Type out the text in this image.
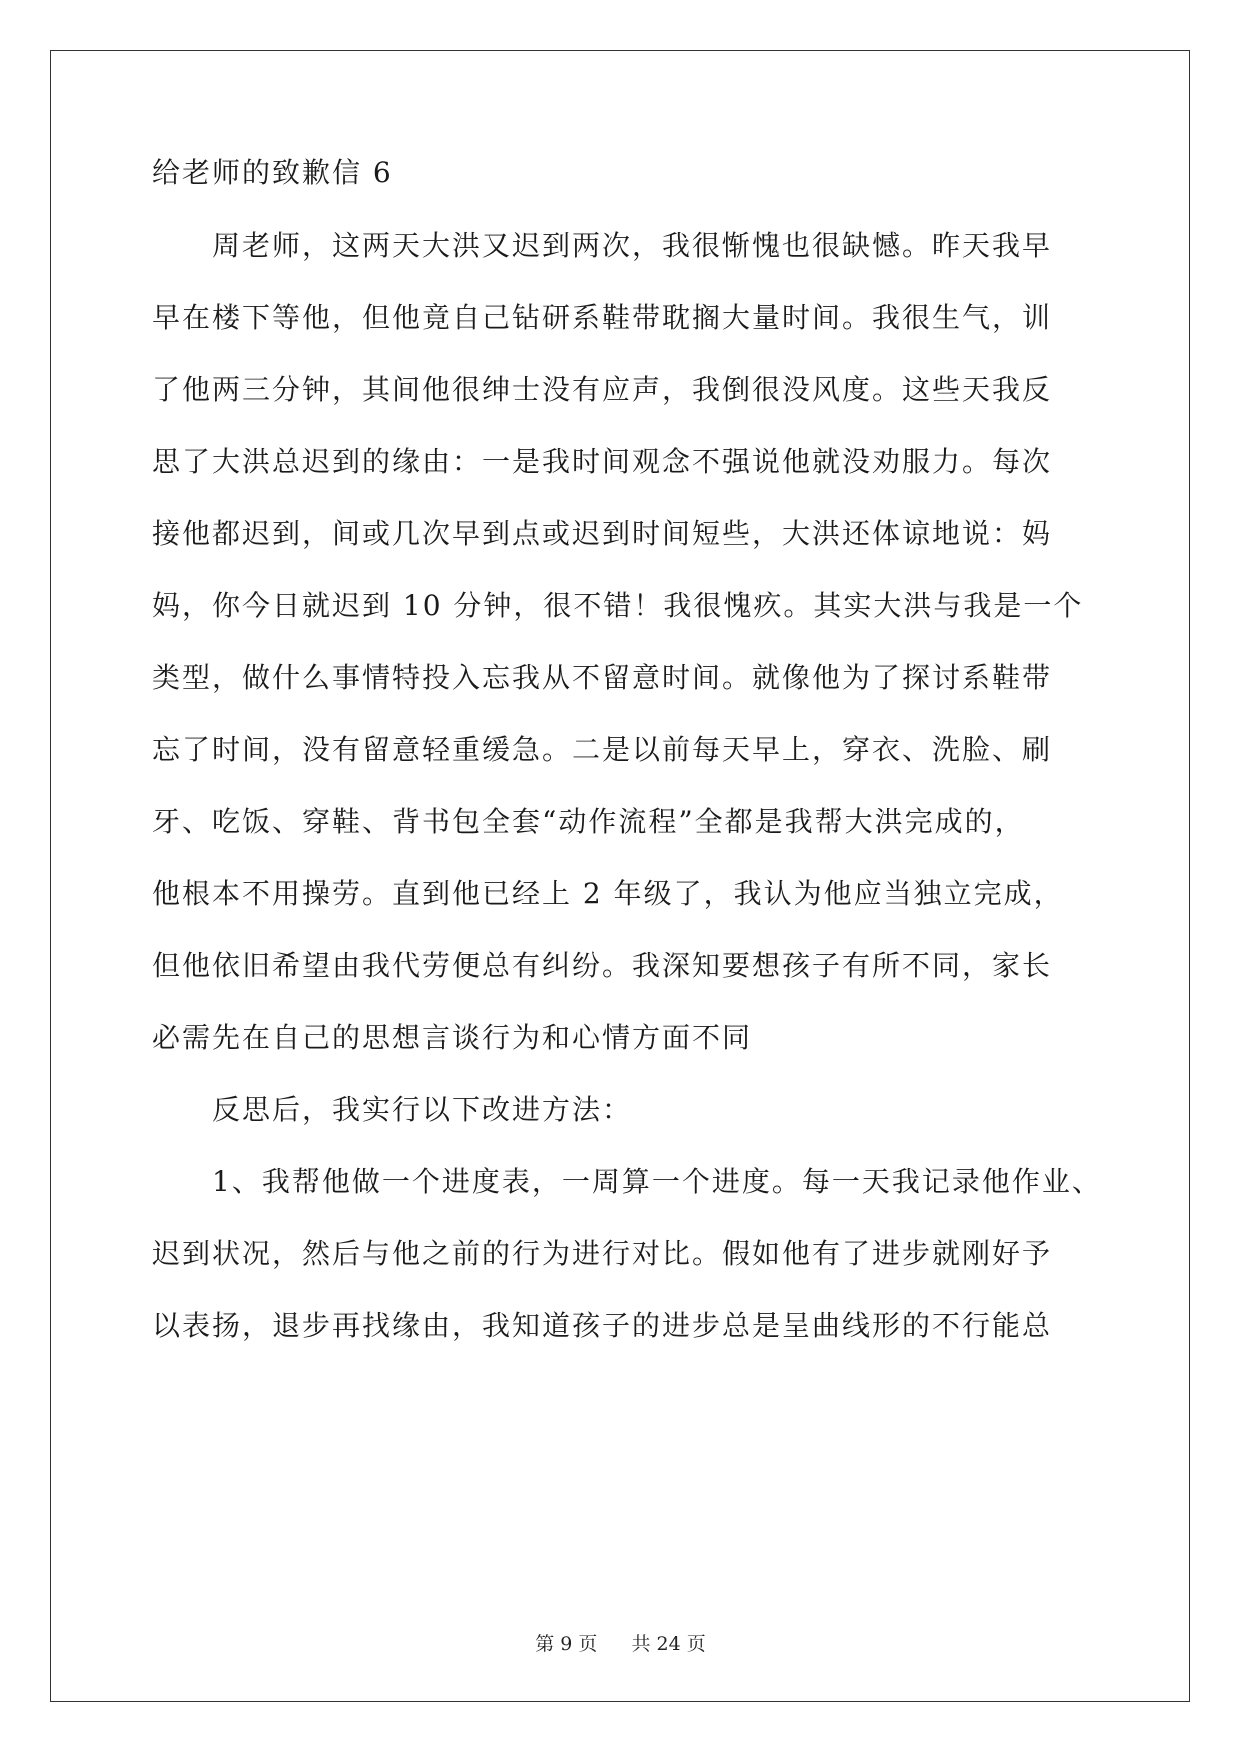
给老师的致歉信 6
周老师，这两天大洪又迟到两次，我很惭愧也很缺憾。昨天我早
早在楼下等他，但他竟自己钻研系鞋带耽搁大量时间。我很生气，训
了他两三分钟，其间他很绅士没有应声，我倒很没风度。这些天我反
思了大洪总迟到的缘由：一是我时间观念不强说他就没劝服力。每次
接他都迟到，间或几次早到点或迟到时间短些，大洪还体谅地说：妈
妈，你今日就迟到 10 分钟，很不错！我很愧疚。其实大洪与我是一个
类型，做什么事情特投入忘我从不留意时间。就像他为了探讨系鞋带
忘了时间，没有留意轻重缓急。二是以前每天早上，穿衣、洗脸、刷
牙、吃饭、穿鞋、背书包全套“动作流程”全都是我帮大洪完成的，
他根本不用操劳。直到他已经上 2 年级了，我认为他应当独立完成，
但他依旧希望由我代劳便总有纠纷。我深知要想孩子有所不同，家长
必需先在自己的思想言谈行为和心情方面不同
反思后，我实行以下改进方法：
1、我帮他做一个进度表，一周算一个进度。每一天我记录他作业、
迟到状况，然后与他之前的行为进行对比。假如他有了进步就刚好予
以表扬，退步再找缘由，我知道孩子的进步总是呈曲线形的不行能总
第 9 页 共 24 页
